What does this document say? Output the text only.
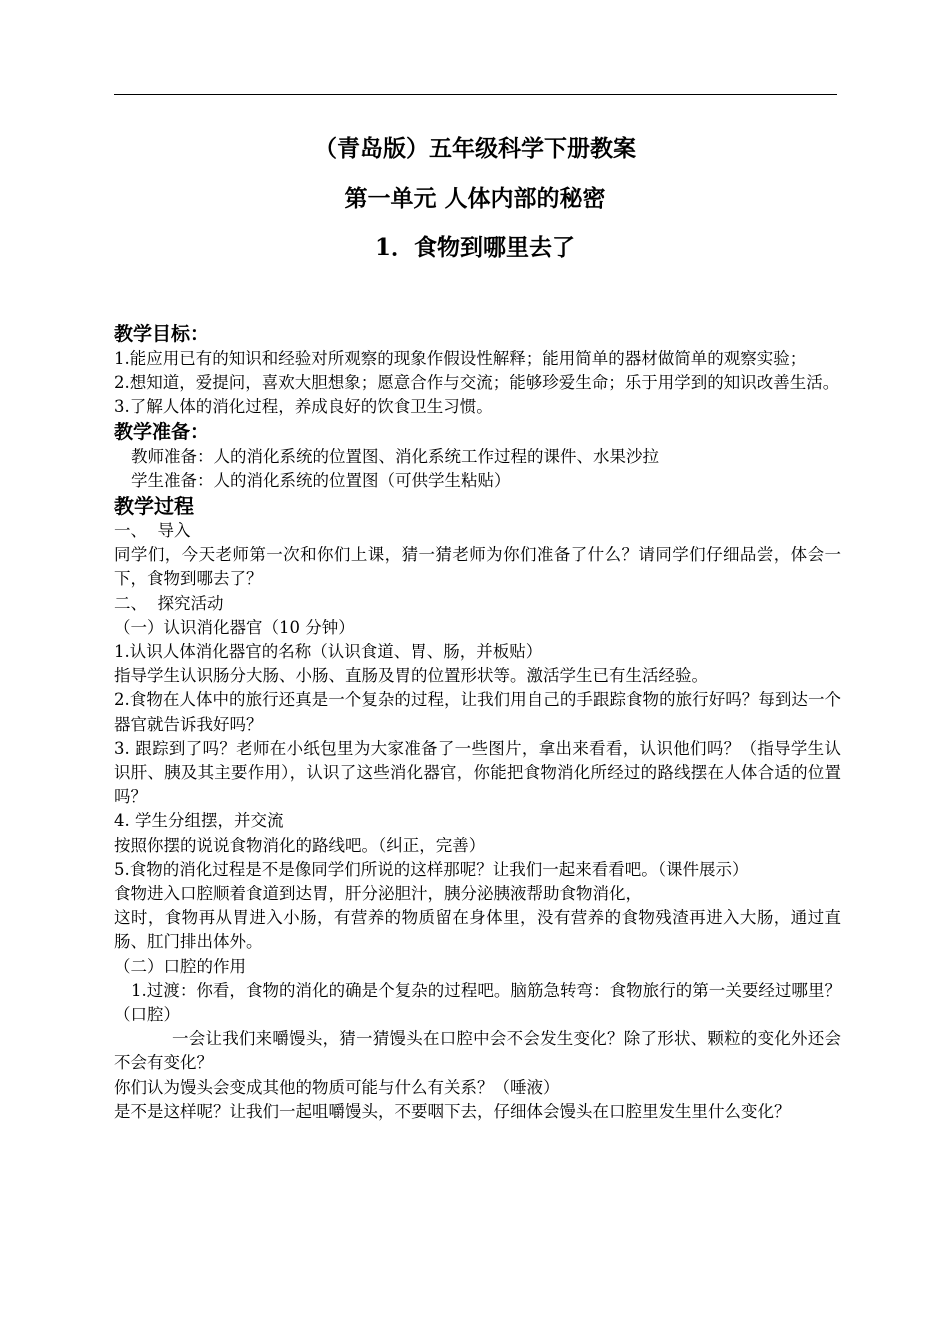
（青岛版）五年级科学下册教案
第一单元 人体内部的秘密
1．食物到哪里去了

教学目标：

1.能应用已有的知识和经验对所观察的现象作假设性解释；能用简单的器材做简单的观察实验；

2.想知道，爱提问，喜欢大胆想象；愿意合作与交流；能够珍爱生命；乐于用学到的知识改善生活。

3.了解人体的消化过程，养成良好的饮食卫生习惯。

教学准备：

教师准备：人的消化系统的位置图、消化系统工作过程的课件、水果沙拉

学生准备：人的消化系统的位置图（可供学生粘贴）

教学过程

一、  导入

同学们，今天老师第一次和你们上课，猜一猜老师为你们准备了什么？请同学们仔细品尝，体会一下，食物到哪去了？

二、  探究活动

（一）认识消化器官（10 分钟）

1.认识人体消化器官的名称（认识食道、胃、肠，并板贴）

指导学生认识肠分大肠、小肠、直肠及胃的位置形状等。激活学生已有生活经验。

2.食物在人体中的旅行还真是一个复杂的过程，让我们用自己的手跟踪食物的旅行好吗？每到达一个器官就告诉我好吗？

3. 跟踪到了吗？老师在小纸包里为大家准备了一些图片，拿出来看看，认识他们吗？（指导学生认识肝、胰及其主要作用），认识了这些消化器官，你能把食物消化所经过的路线摆在人体合适的位置吗？

4. 学生分组摆，并交流

按照你摆的说说食物消化的路线吧。（纠正，完善）

5.食物的消化过程是不是像同学们所说的这样那呢？让我们一起来看看吧。（课件展示）

食物进入口腔顺着食道到达胃，肝分泌胆汁，胰分泌胰液帮助食物消化，

这时，食物再从胃进入小肠，有营养的物质留在身体里，没有营养的食物残渣再进入大肠，通过直肠、肛门排出体外。

（二）口腔的作用

1.过渡：你看，食物的消化的确是个复杂的过程吧。脑筋急转弯：食物旅行的第一关要经过哪里？（口腔）

一会让我们来嚼馒头，猜一猜馒头在口腔中会不会发生变化？除了形状、颗粒的变化外还会不会有变化？

你们认为馒头会变成其他的物质可能与什么有关系？（唾液）

是不是这样呢？让我们一起咀嚼馒头，不要咽下去，仔细体会馒头在口腔里发生里什么变化？
